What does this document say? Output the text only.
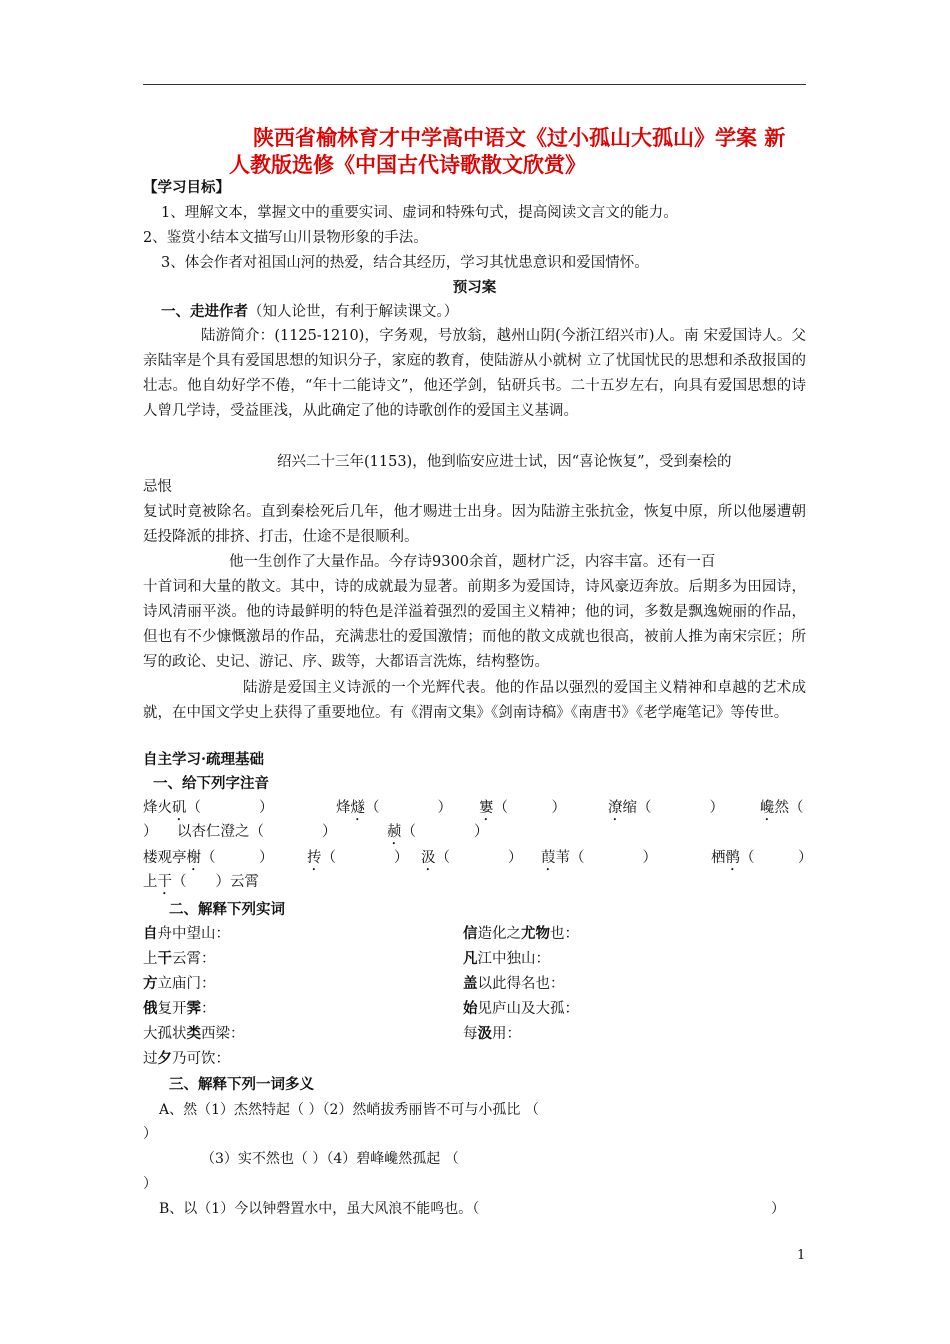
陕西省榆林育才中学高中语文《过小孤山大孤山》学案 新
人教版选修《中国古代诗歌散文欣赏》
【学习目标】
1、理解文本，掌握文中的重要实词、虚词和特殊句式，提高阅读文言文的能力。
2、鉴赏小结本文描写山川景物形象的手法。
3、体会作者对祖国山河的热爱，结合其经历，学习其忧患意识和爱国情怀。
预习案
一、走进作者（知人论世，有利于解读课文。）
陆游简介：(1125-1210)，字务观，号放翁，越州山阴(今浙江绍兴市)人。南 宋爱国诗人。父亲陆宰是个具有爱国思想的知识分子，家庭的教育，使陆游从小就树 立了忧国忧民的思想和杀敌报国的壮志。他自幼好学不倦，“年十二能诗文”，他还学剑，钻研兵书。二十五岁左右，向具有爱国思想的诗人曾几学诗，受益匪浅，从此确定了他的诗歌创作的爱国主义基调。
绍兴二十三年(1153)，他到临安应进士试，因“喜论恢复”，受到秦桧的
忌恨
复试时竟被除名。直到秦桧死后几年，他才赐进士出身。因为陆游主张抗金，恢复中原，所以他屡遭朝廷投降派的排挤、打击，仕途不是很顺利。
他一生创作了大量作品。今存诗9300余首，题材广泛，内容丰富。还有一百
十首词和大量的散文。其中，诗的成就最为显著。前期多为爱国诗，诗风豪迈奔放。后期多为田园诗，诗风清丽平淡。他的诗最鲜明的特色是洋溢着强烈的爱国主义精神；他的词，多数是飘逸婉丽的作品，但也有不少慷慨激昂的作品，充满悲壮的爱国激情；而他的散文成就也很高，被前人推为南宋宗匠；所写的政论、史记、游记、序、跋等，大都语言洗炼，结构整饬。
陆游是爱国主义诗派的一个光辉代表。他的作品以强烈的爱国主义精神和卓越的艺术成就，在中国文学史上获得了重要地位。有《渭南文集》《剑南诗稿》《南唐书》《老学庵笔记》等传世。
自主学习·疏理基础
一、给下列字注音
烽火矶（　　　　）	烽燧（　　　　） 寠（　　　）	潦缩（　　　　） 巉然（
） 以杏仁澄之（　　　　）	赪（　　　　）
楼观亭榭（　　　） 抟（　　　　） 汲（　　　　） 葭苇（　　　　）	栖鹘（　　　）
上干（　　）云霄
二、解释下列实词
自舟中望山：	信造化之尤物也：
上干云霄：	凡江中独山：
方立庙门：	盖以此得名也：
俄复开霁：	始见庐山及大孤：
大孤状类西梁：	每汲用：
过夕乃可饮：
三、解释下列一词多义
A、然（1）杰然特起（ ）（2）然峭拔秀丽皆不可与小孤比 （
）
（3）实不然也（ ）（4）碧峰巉然孤起 （
）
B、以（1）今以钟磬置水中，虽大风浪不能鸣也。（	）
1
